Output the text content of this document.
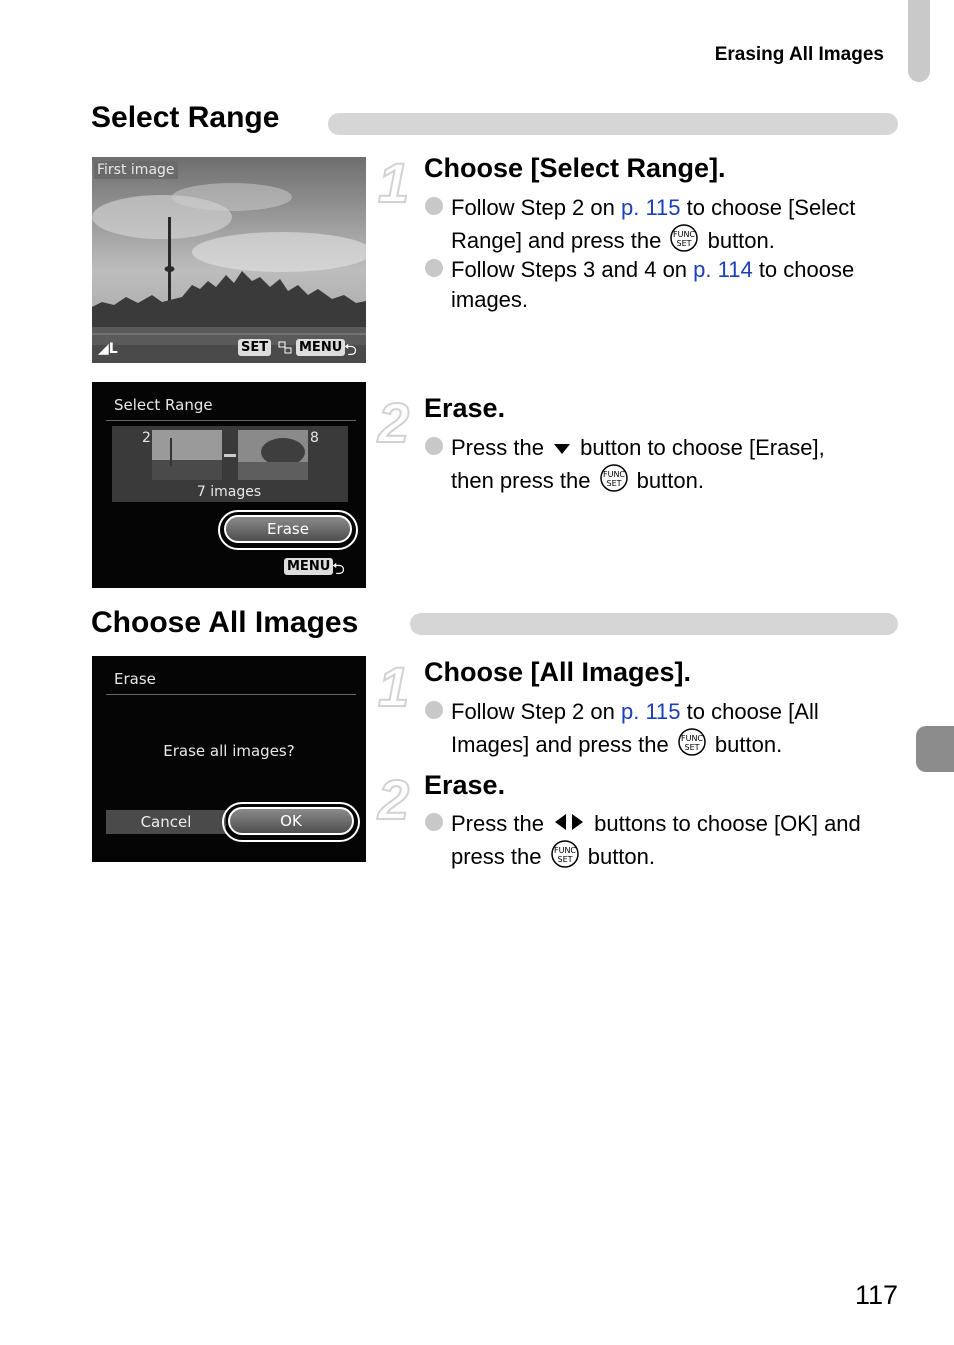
Erasing All Images
Select Range
First image
◢L	SET MENU ⮌
1 Choose [Select Range].
Follow Step 2 on p. 115 to choose [Select
Range] and press the FUNC
SET button.
Follow Steps 3 and 4 on p. 114 to choose
images.
Select Range
2	8
7 images
Erase
MENU ⮌
2 Erase.
Press the  button to choose [Erase],
then press the FUNC
SET button.
Choose All Images
Erase
Erase all images?
Cancel	OK
1 Choose [All Images].
Follow Step 2 on p. 115 to choose [All
Images] and press the FUNC
SET button.
2 Erase.
Press the  buttons to choose [OK] and
press the FUNC
SET button.
117
